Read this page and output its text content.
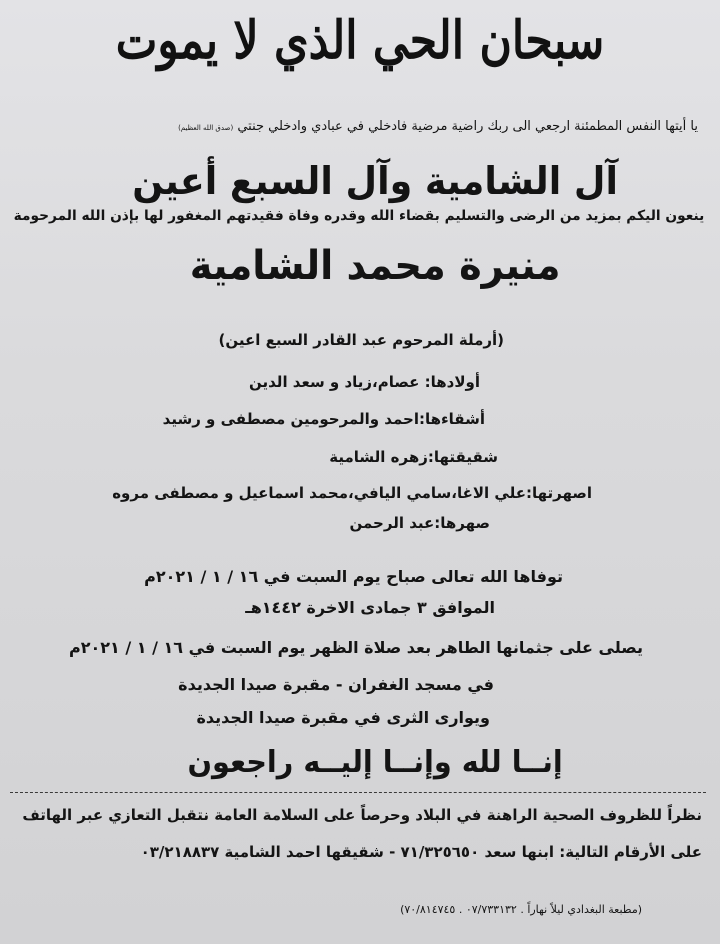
سبحان الحي الذي لا يموت
يا أيتها النفس المطمئنة ارجعي الى ربك راضية مرضية فادخلي في عبادي وادخلي جنتي (صدق الله العظيم)
آل الشامية وآل السبع أعين
ينعون اليكم بمزيد من الرضى والتسليم بقضاء الله وقدره وفاة فقيدتهم المغفور لها بإذن الله المرحومة
منيرة محمد الشامية
(أرملة المرحوم عبد القادر السبع اعين)
أولادها: عصام،زياد و سعد الدين
أشقاءها:احمد والمرحومين مصطفى و رشيد
شقيقتها:زهره الشامية
اصهرتها:علي الاغا،سامي اليافي،محمد اسماعيل و مصطفى مروه
صهرها:عبد الرحمن
توفاها الله تعالى صباح يوم السبت في ١٦ / ١ / ٢٠٢١م
الموافق ٣ جمادى الاخرة ١٤٤٢هـ
يصلى على جثمانها الطاهر بعد صلاة الظهر يوم السبت في ١٦ / ١ / ٢٠٢١م
في مسجد الغفران - مقبرة صيدا الجديدة
ويوارى الثرى في مقبرة صيدا الجديدة
إنــا لله وإنــا إليــه راجعون
نظراً للظروف الصحية الراهنة في البلاد وحرصاً على السلامة العامة نتقبل التعازي عبر الهاتف
على الأرقام التالية: ابنها سعد ٧١/٣٢٥٦٥٠ - شقيقها احمد الشامية ٠٣/٢١٨٨٣٧
(مطبعة البغدادي ليلاً نهاراً . ٠٧/٧٣٣١٣٢ . ٧٠/٨١٤٧٤٥)
